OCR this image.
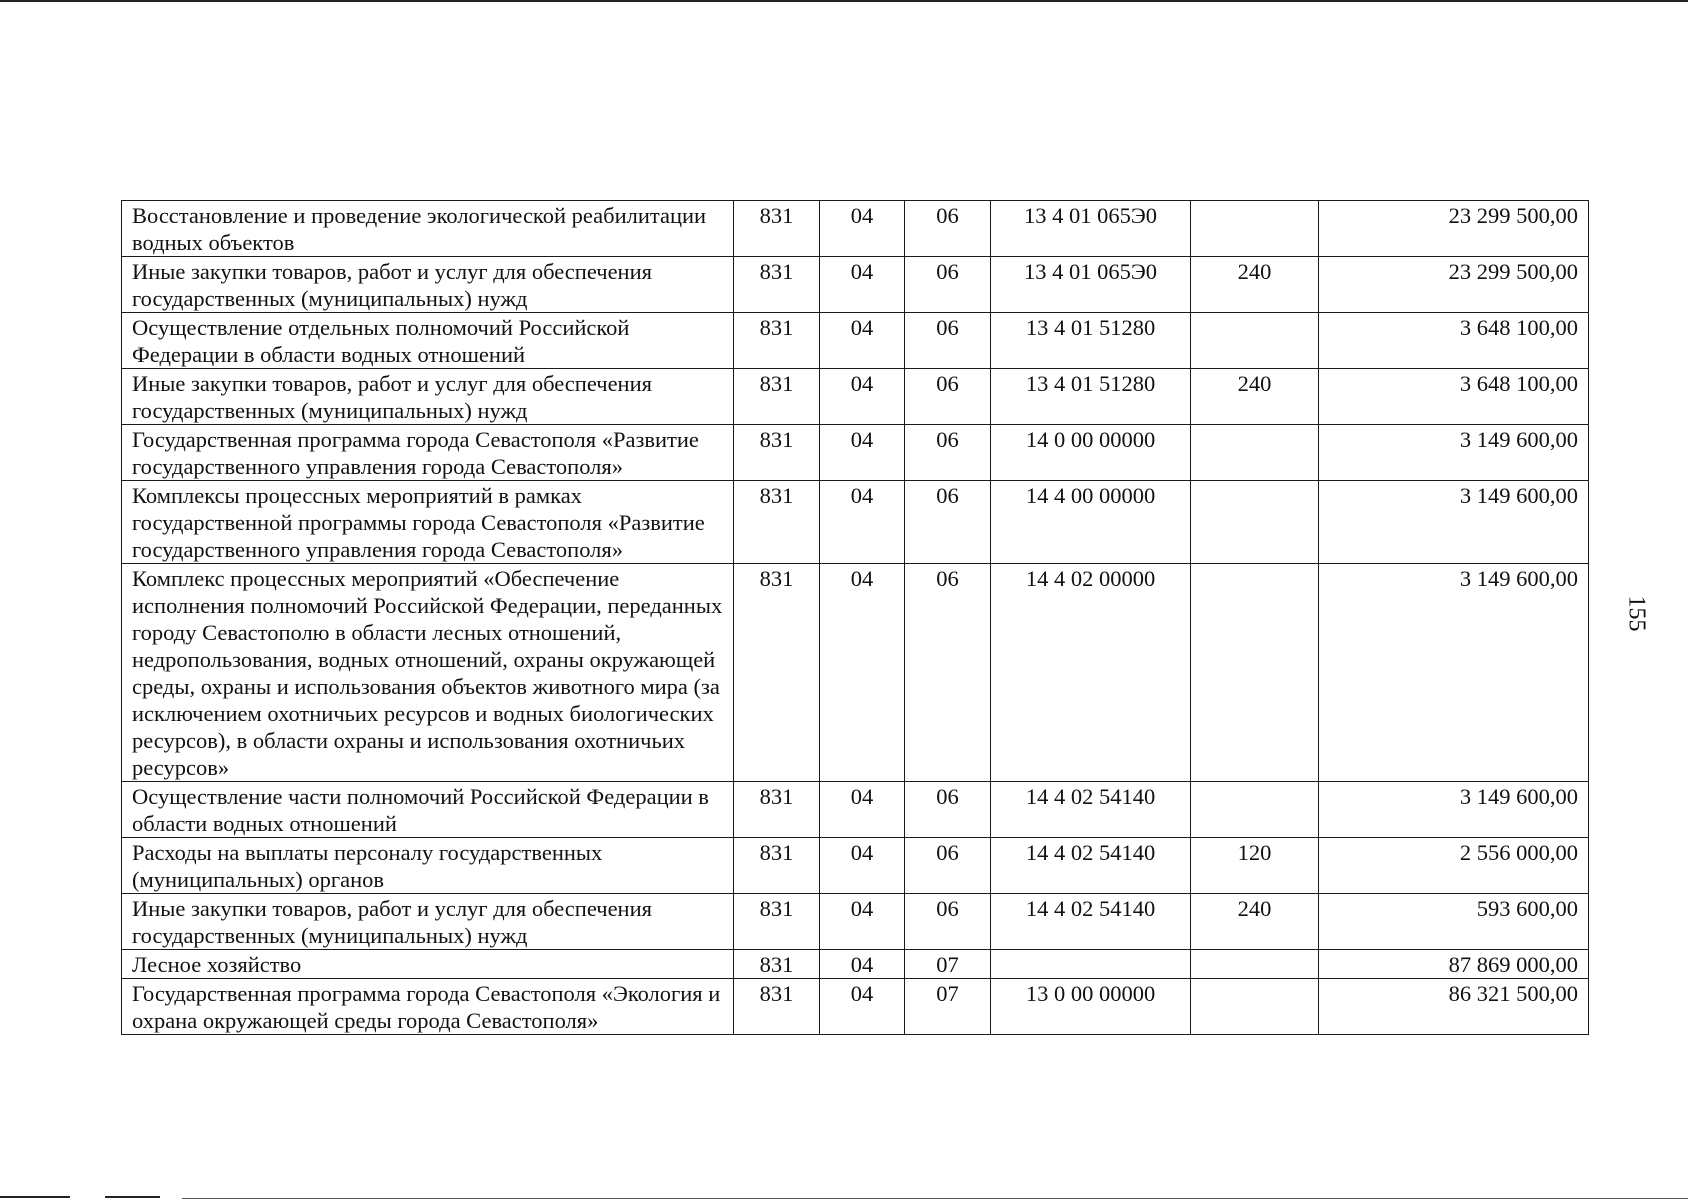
Восстановление и проведение экологической реабилитации водных объектов	831	04	06	13 4 01 065Э0		23 299 500,00
Иные закупки товаров, работ и услуг для обеспечения государственных (муниципальных) нужд	831	04	06	13 4 01 065Э0	240	23 299 500,00
Осуществление отдельных полномочий Российской Федерации в области водных отношений	831	04	06	13 4 01 51280		3 648 100,00
Иные закупки товаров, работ и услуг для обеспечения государственных (муниципальных) нужд	831	04	06	13 4 01 51280	240	3 648 100,00
Государственная программа города Севастополя «Развитие государственного управления города Севастополя»	831	04	06	14 0 00 00000		3 149 600,00
Комплексы процессных мероприятий в рамках государственной программы города Севастополя «Развитие государственного управления города Севастополя»	831	04	06	14 4 00 00000		3 149 600,00
Комплекс процессных мероприятий «Обеспечение исполнения полномочий Российской Федерации, переданных городу Севастополю в области лесных отношений, недропользования, водных отношений, охраны окружающей среды, охраны и использования объектов животного мира (за исключением охотничьих ресурсов и водных биологических ресурсов), в области охраны и использования охотничьих ресурсов»	831	04	06	14 4 02 00000		3 149 600,00
Осуществление части полномочий Российской Федерации в области водных отношений	831	04	06	14 4 02 54140		3 149 600,00
Расходы на выплаты персоналу государственных (муниципальных) органов	831	04	06	14 4 02 54140	120	2 556 000,00
Иные закупки товаров, работ и услуг для обеспечения государственных (муниципальных) нужд	831	04	06	14 4 02 54140	240	593 600,00
Лесное хозяйство	831	04	07			87 869 000,00
Государственная программа города Севастополя «Экология и охрана окружающей среды города Севастополя»	831	04	07	13 0 00 00000		86 321 500,00
155
